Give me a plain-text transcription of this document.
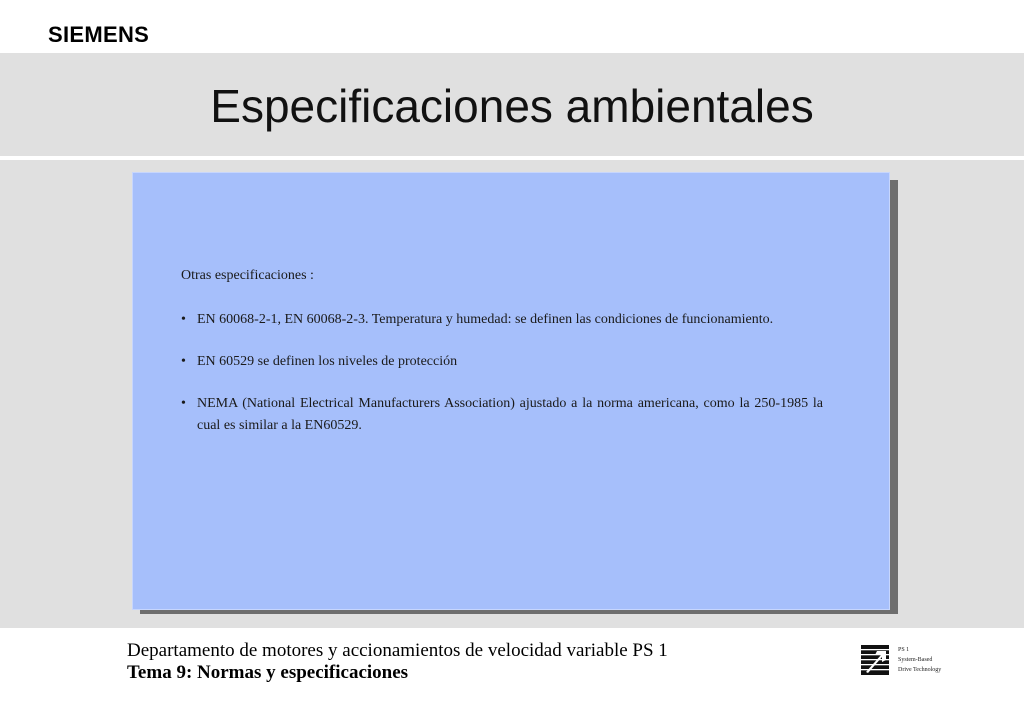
SIEMENS
Especificaciones ambientales

Otras especificaciones :

• EN 60068-2-1, EN 60068-2-3. Temperatura y humedad: se definen las condiciones de funcionamiento.

• EN 60529 se definen los niveles de protección

• NEMA (National Electrical Manufacturers Association) ajustado a la norma americana, como la 250-1985 la cual es similar a la EN60529.

Departamento de motores y accionamientos de velocidad variable PS 1
Tema 9: Normas y especificaciones
PS 1
System-Based
Drive Technology
